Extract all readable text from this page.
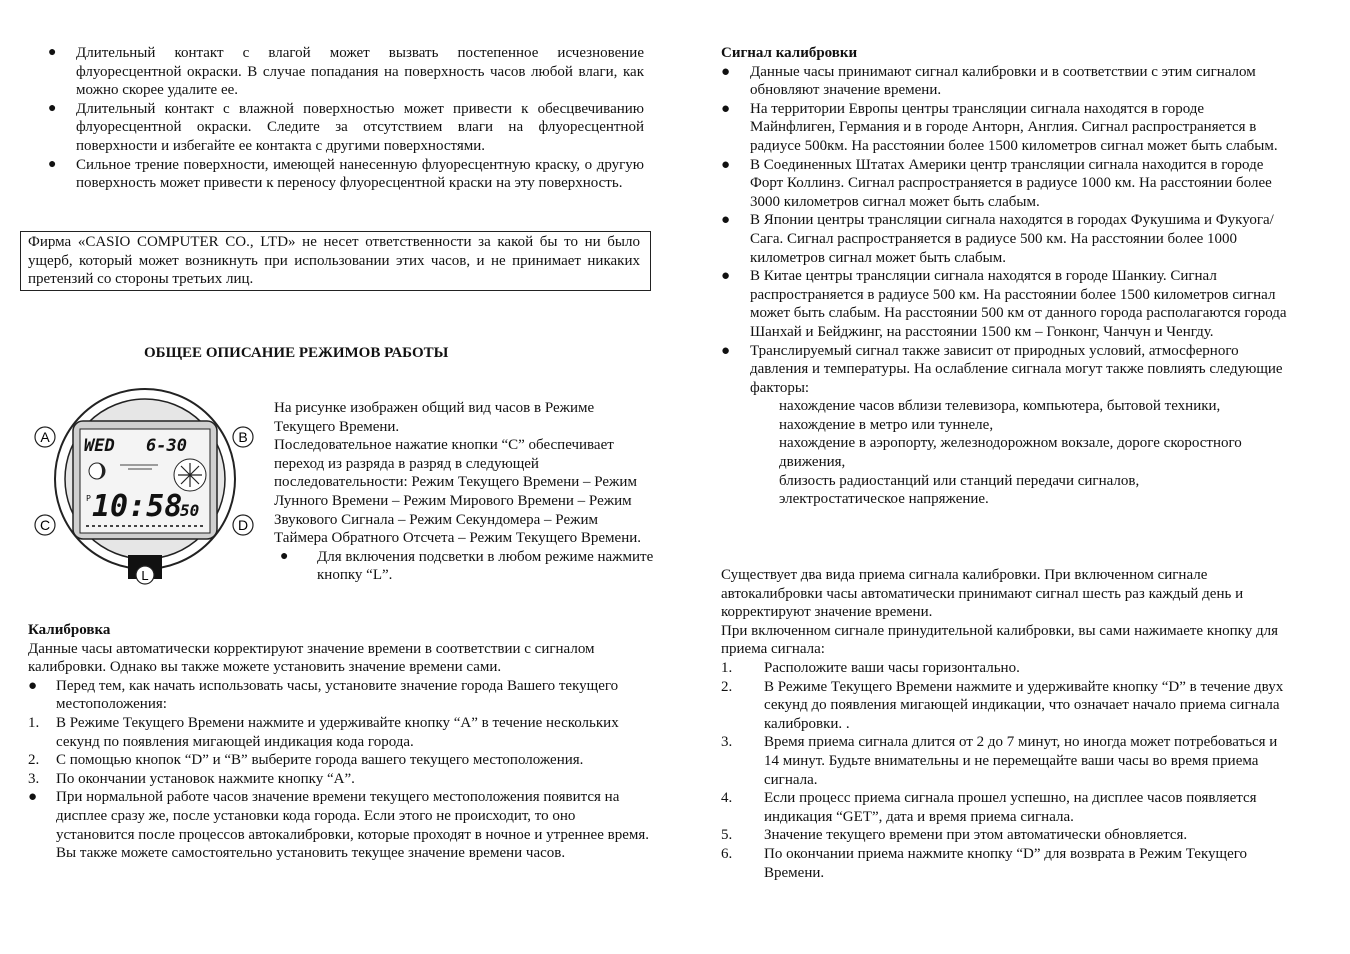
● Длительный контакт с влагой может вызвать постепенное исчезновение флуоресцентной окраски. В случае попадания на поверхность часов любой влаги, как можно скорее удалите ее.
● Длительный контакт с влажной поверхностью может привести к обесцвечиванию флуоресцентной окраски. Следите за отсутствием влаги на флуоресцентной поверхности и избегайте ее контакта с другими поверхностями.
● Сильное трение поверхности, имеющей нанесенную флуоресцентную краску, о другую поверхность может привести к переносу флуоресцентной краски на эту поверхность.
Фирма «CASIO COMPUTER CO., LTD» не несет ответственности за какой бы то ни было ущерб, который может возникнуть при использовании этих часов, и не принимает никаких претензий со стороны третьих лиц.
ОБЩЕЕ ОПИСАНИЕ РЕЖИМОВ РАБОТЫ
A	B
C	D
L
WED 6-30
P 10:58
50

На рисунке изображен общий вид часов в Режиме Текущего Времени.

Последовательное нажатие кнопки “С” обеспечивает переход из разряда в разряд в следующей последовательности: Режим Текущего Времени – Режим Лунного Времени – Режим Мирового Времени – Режим Звукового Сигнала – Режим Секундомера – Режим Таймера Обратного Отсчета – Режим Текущего Времени.

● Для включения подсветки в любом режиме нажмите кнопку “L”.
Калибровка

Данные часы автоматически корректируют значение времени в соответствии с сигналом калибровки. Однако вы также можете установить значение времени сами.

● Перед тем, как начать использовать часы, установите значение города Вашего текущего местоположения:
1. В Режиме Текущего Времени нажмите и удерживайте кнопку “A” в течение нескольких секунд по появления мигающей индикация кода города.
2. С помощью кнопок “D” и “B” выберите города вашего текущего местоположения.
3. По окончании установок нажмите кнопку “A”.
● При нормальной работе часов значение времени текущего местоположения появится на дисплее сразу же, после установки кода города. Если этого не происходит, то оно установится после процессов автокалибровки, которые проходят в ночное и утреннее время. Вы также можете самостоятельно установить текущее значение времени часов.
Сигнал калибровки
● Данные часы принимают сигнал калибровки и в соответствии с этим сигналом обновляют значение времени.
● На территории Европы центры трансляции сигнала находятся в городе Майнфлиген, Германия и в городе Анторн, Англия. Сигнал распространяется в радиусе 500км. На расстоянии более 1500 километров сигнал может быть слабым.
● В Соединенных Штатах Америки центр трансляции сигнала находится в городе Форт Коллинз. Сигнал распространяется в радиусе 1000 км. На расстоянии более 3000 километров сигнал может быть слабым.
● В Японии центры трансляции сигнала находятся в городах Фукушима и Фукуога/Сага. Сигнал распространяется в радиусе 500 км. На расстоянии более 1000 километров сигнал может быть слабым.
● В Китае центры трансляции сигнала находятся в городе Шанкиу. Сигнал распространяется в радиусе 500 км. На расстоянии более 1500 километров сигнал может быть слабым. На расстоянии 500 км от данного города располагаются города Шанхай и Бейджинг, на расстоянии 1500 км – Гонконг, Чанчун и Ченгду.
● Транслируемый сигнал также зависит от природных условий, атмосферного давления и температуры. На ослабление сигнала могут также повлиять следующие факторы:
нахождение часов вблизи телевизора, компьютера, бытовой техники,
нахождение в метро или туннеле,
нахождение в аэропорту, железнодорожном вокзале, дороге скоростного движения,
близость радиостанций или станций передачи сигналов,
электростатическое напряжение.

Существует два вида приема сигнала калибровки. При включенном сигнале автокалибровки часы автоматически принимают сигнал шесть раз каждый день и корректируют значение времени.

При включенном сигнале принудительной калибровки, вы сами нажимаете кнопку для приема сигнала:

1. Расположите ваши часы горизонтально.
2. В Режиме Текущего Времени нажмите и удерживайте кнопку “D” в течение двух секунд до появления мигающей индикации, что означает начало приема сигнала калибровки. .
3. Время приема сигнала длится от 2 до 7 минут, но иногда может потребоваться и 14 минут. Будьте внимательны и не перемещайте ваши часы во время приема сигнала.
4. Если процесс приема сигнала прошел успешно, на дисплее часов появляется индикация “GET”, дата и время приема сигнала.
5. Значение текущего времени при этом автоматически обновляется.
6. По окончании приема нажмите кнопку “D” для возврата в Режим Текущего Времени.
